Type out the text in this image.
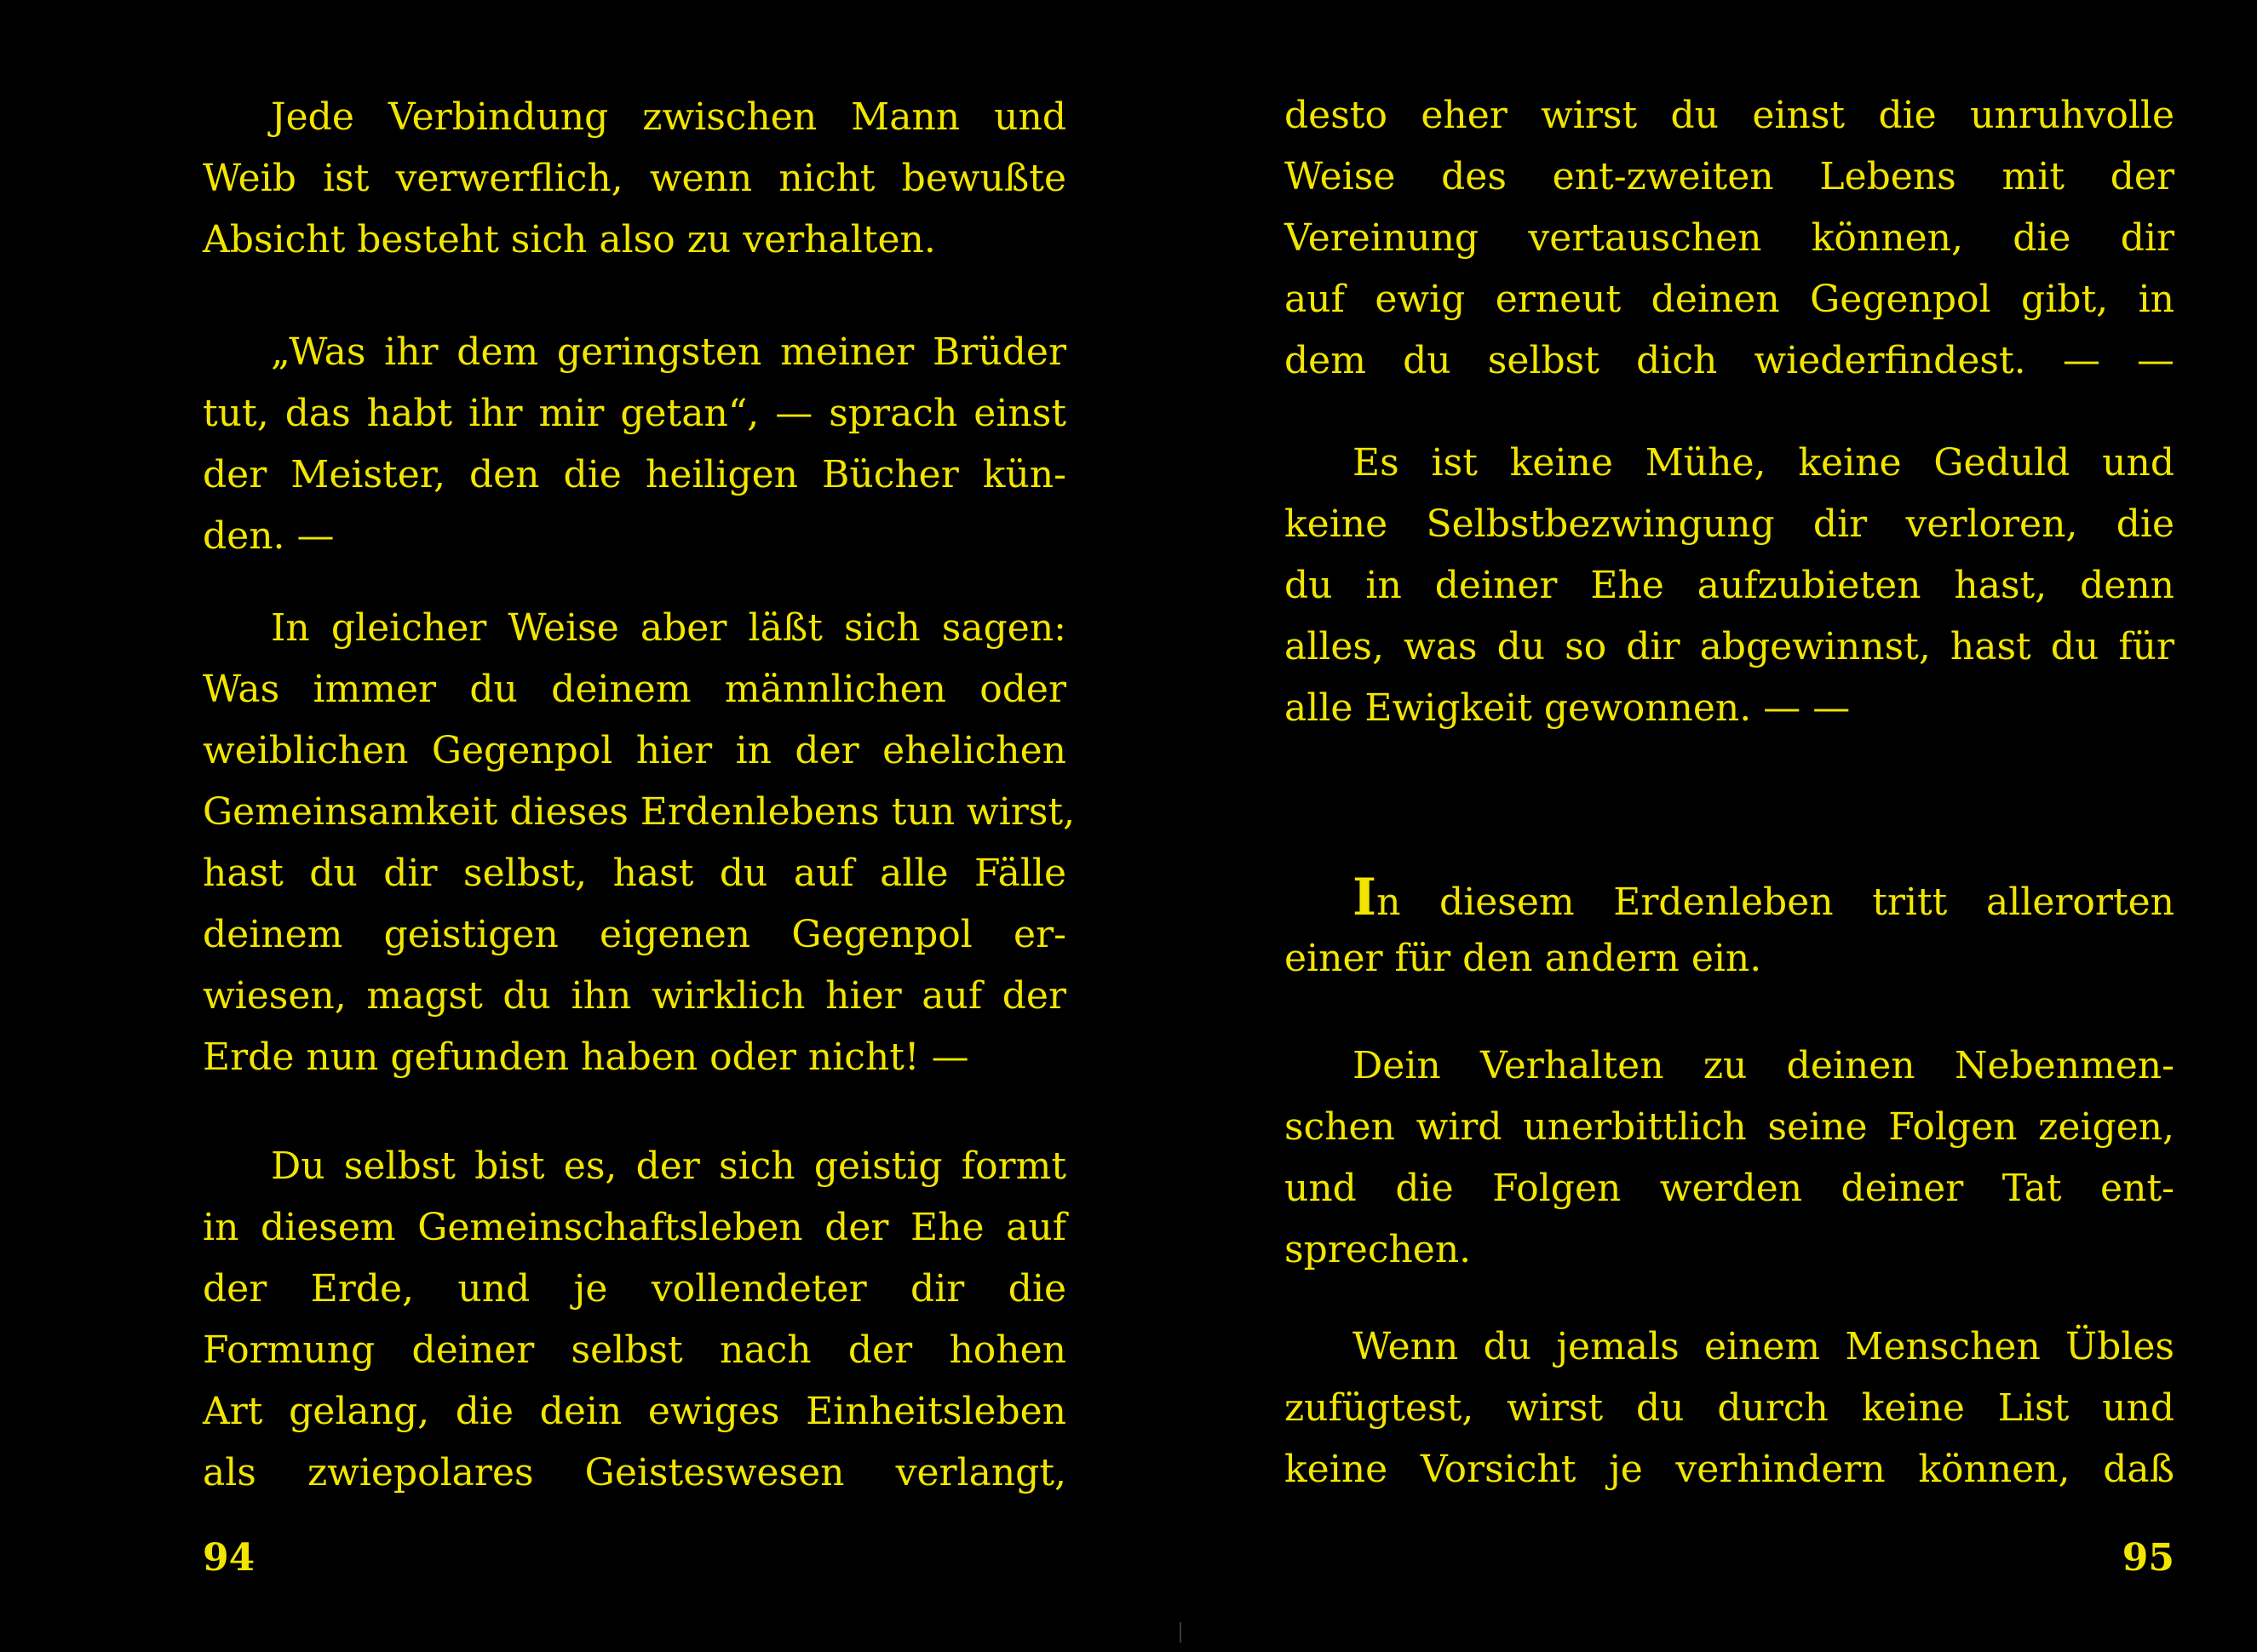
Jede Verbindung zwischen Mann und
Weib ist verwerflich, wenn nicht bewußte
Absicht besteht sich also zu verhalten.

„Was ihr dem geringsten meiner Brüder
tut, das habt ihr mir getan“, — sprach einst
der Meister, den die heiligen Bücher kün-
den. —

In gleicher Weise aber läßt sich sagen:
Was immer du deinem männlichen oder
weiblichen Gegenpol hier in der ehelichen
Gemeinsamkeit dieses Erdenlebens tun wirst,
hast du dir selbst, hast du auf alle Fälle
deinem geistigen eigenen Gegenpol er-
wiesen, magst du ihn wirklich hier auf der
Erde nun gefunden haben oder nicht! —

Du selbst bist es, der sich geistig formt
in diesem Gemeinschaftsleben der Ehe auf
der Erde, und je vollendeter dir die
Formung deiner selbst nach der hohen
Art gelang, die dein ewiges Einheitsleben
als zwiepolares Geisteswesen verlangt,

94

desto eher wirst du einst die unruhvolle
Weise des ent-zweiten Lebens mit der
Vereinung vertauschen können, die dir
auf ewig erneut deinen Gegenpol gibt, in
dem du selbst dich wiederfindest. — —

Es ist keine Mühe, keine Geduld und
keine Selbstbezwingung dir verloren, die
du in deiner Ehe aufzubieten hast, denn
alles, was du so dir abgewinnst, hast du für
alle Ewigkeit gewonnen. — —

In diesem Erdenleben tritt allerorten
einer für den andern ein.

Dein Verhalten zu deinen Nebenmen-
schen wird unerbittlich seine Folgen zeigen,
und die Folgen werden deiner Tat ent-
sprechen.

Wenn du jemals einem Menschen Übles
zufügtest, wirst du durch keine List und
keine Vorsicht je verhindern können, daß

95
